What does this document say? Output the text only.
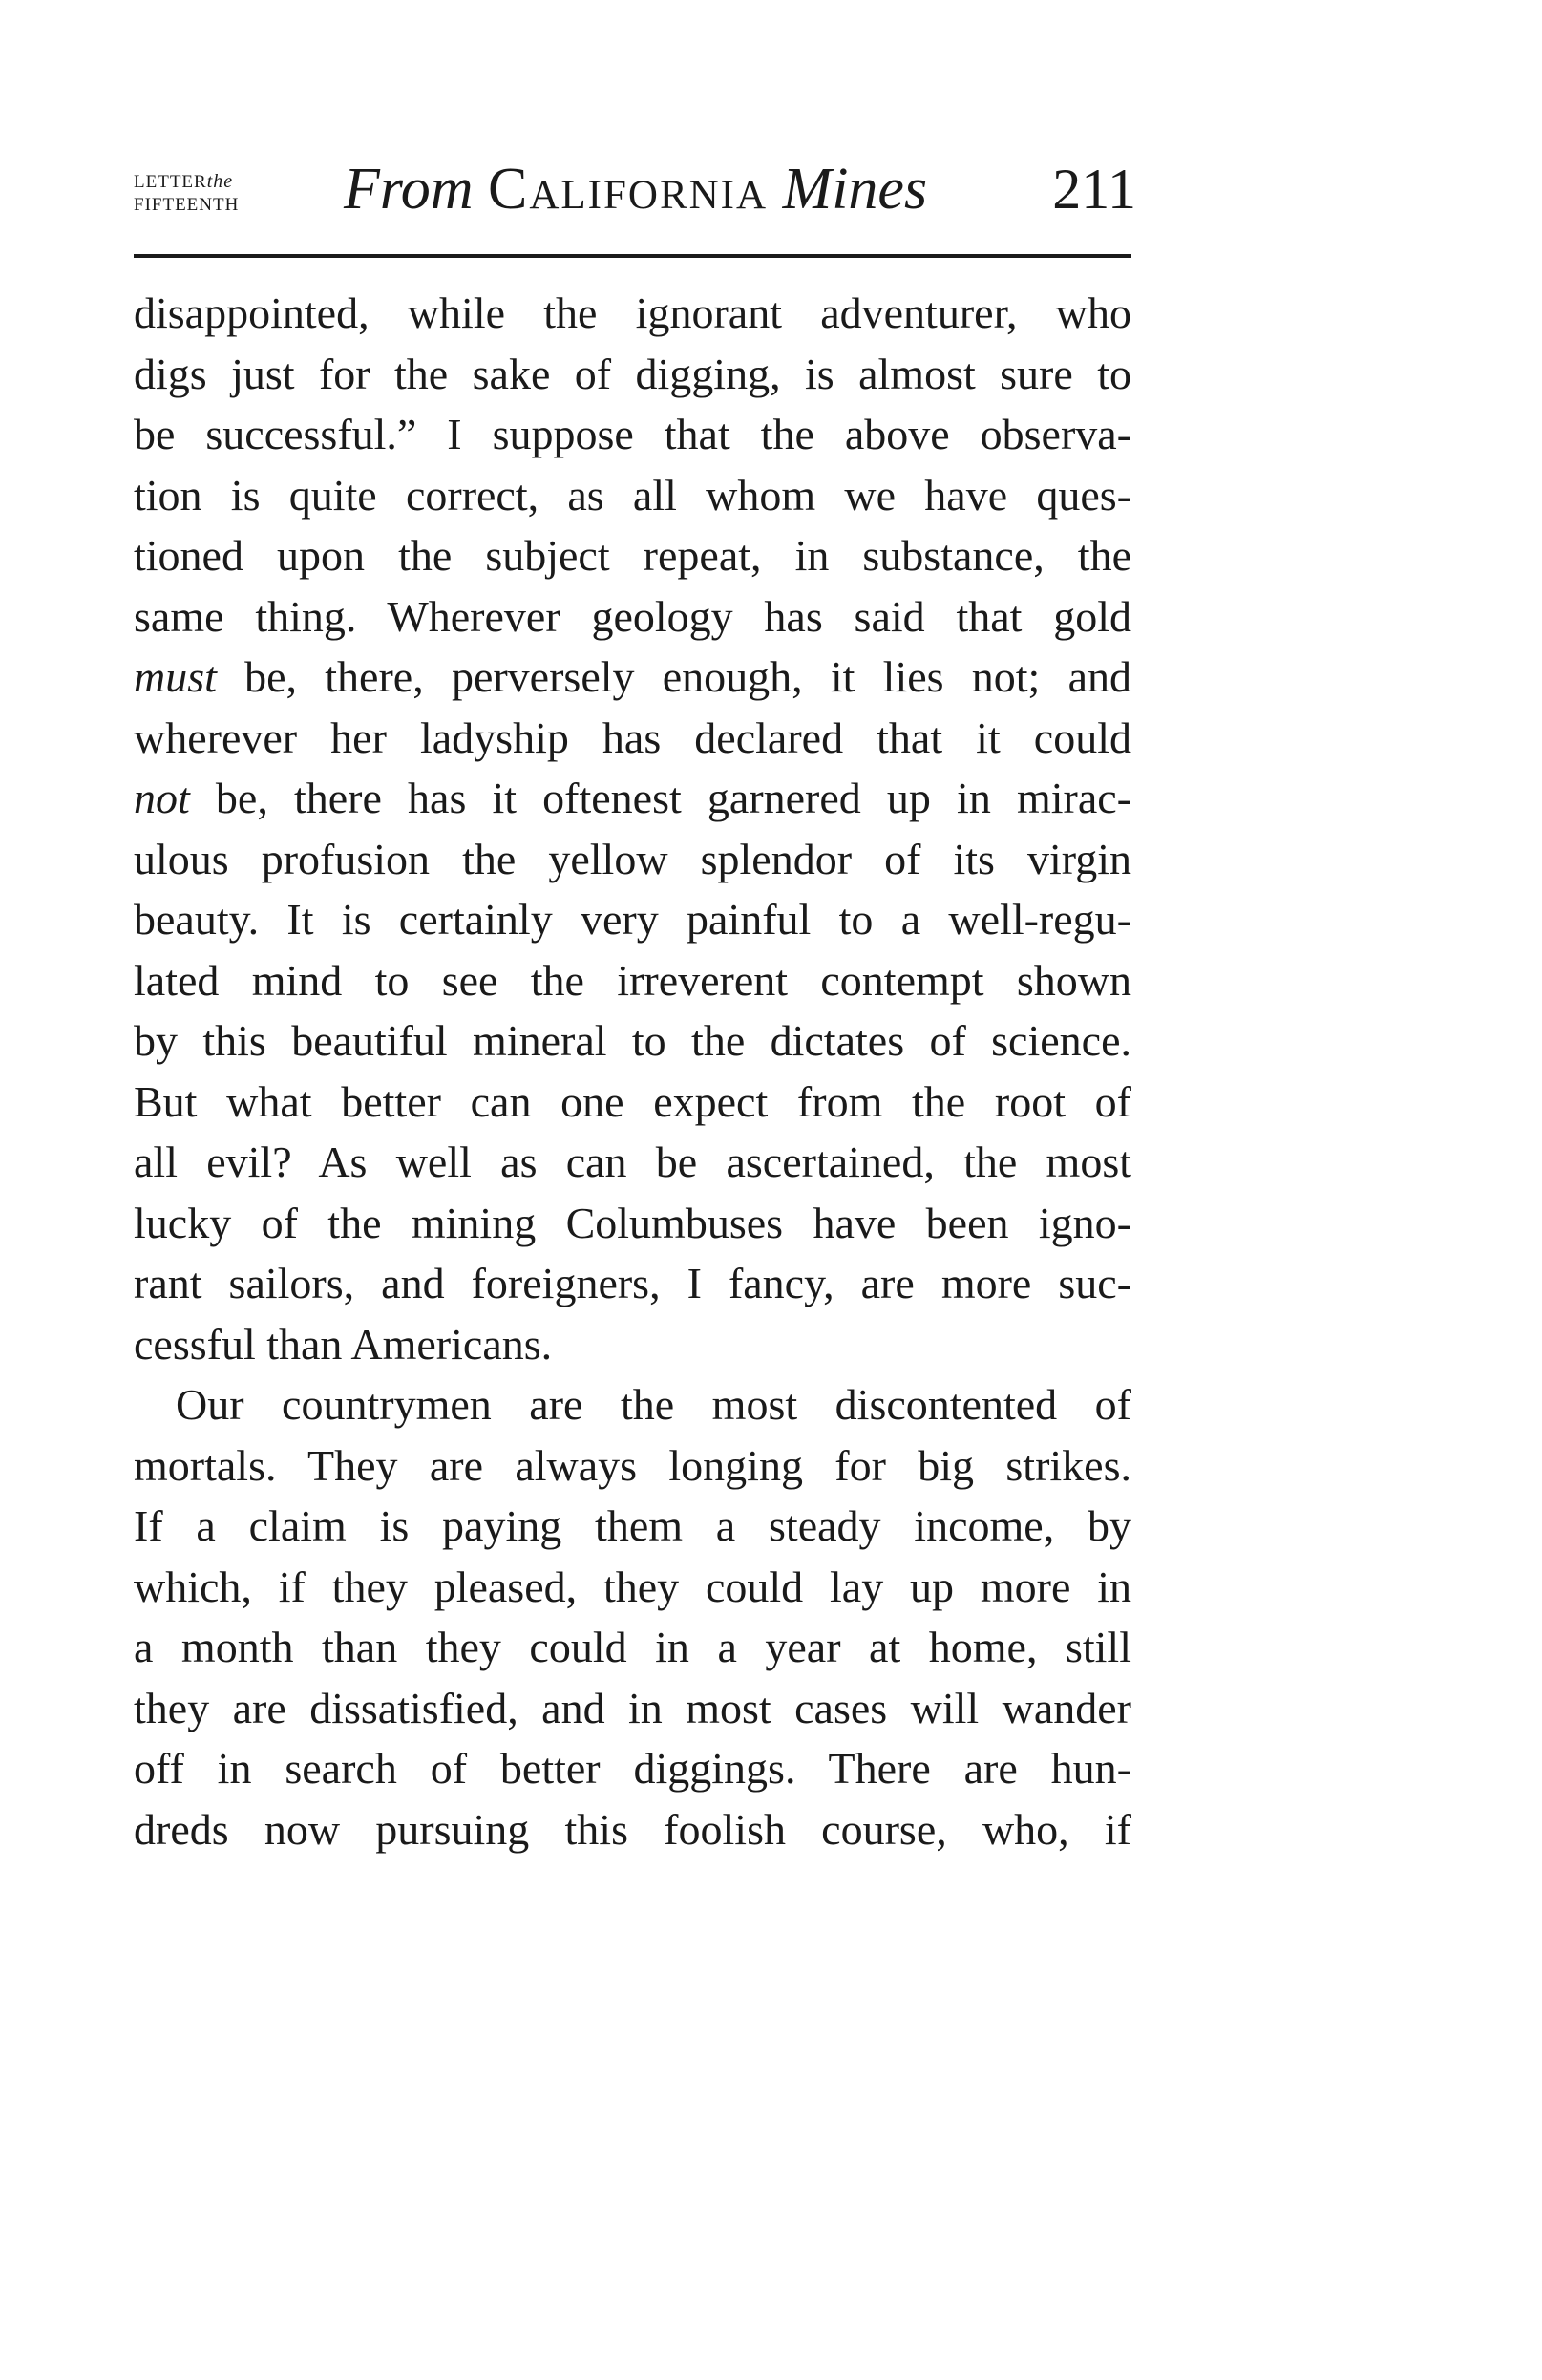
LETTERthe
FIFTEENTH From California Mines 211
disappointed, while the ignorant adventurer, who
digs just for the sake of digging, is almost sure to
be successful.” I suppose that the above observa-
tion is quite correct, as all whom we have ques-
tioned upon the subject repeat, in substance, the
same thing. Wherever geology has said that gold
must be, there, perversely enough, it lies not; and
wherever her ladyship has declared that it could
not be, there has it oftenest garnered up in mirac-
ulous profusion the yellow splendor of its virgin
beauty. It is certainly very painful to a well-regu-
lated mind to see the irreverent contempt shown
by this beautiful mineral to the dictates of science.
But what better can one expect from the root of
all evil? As well as can be ascertained, the most
lucky of the mining Columbuses have been igno-
rant sailors, and foreigners, I fancy, are more suc-
cessful than Americans.
Our countrymen are the most discontented of
mortals. They are always longing for big strikes.
If a claim is paying them a steady income, by
which, if they pleased, they could lay up more in
a month than they could in a year at home, still
they are dissatisfied, and in most cases will wander
off in search of better diggings. There are hun-
dreds now pursuing this foolish course, who, if
